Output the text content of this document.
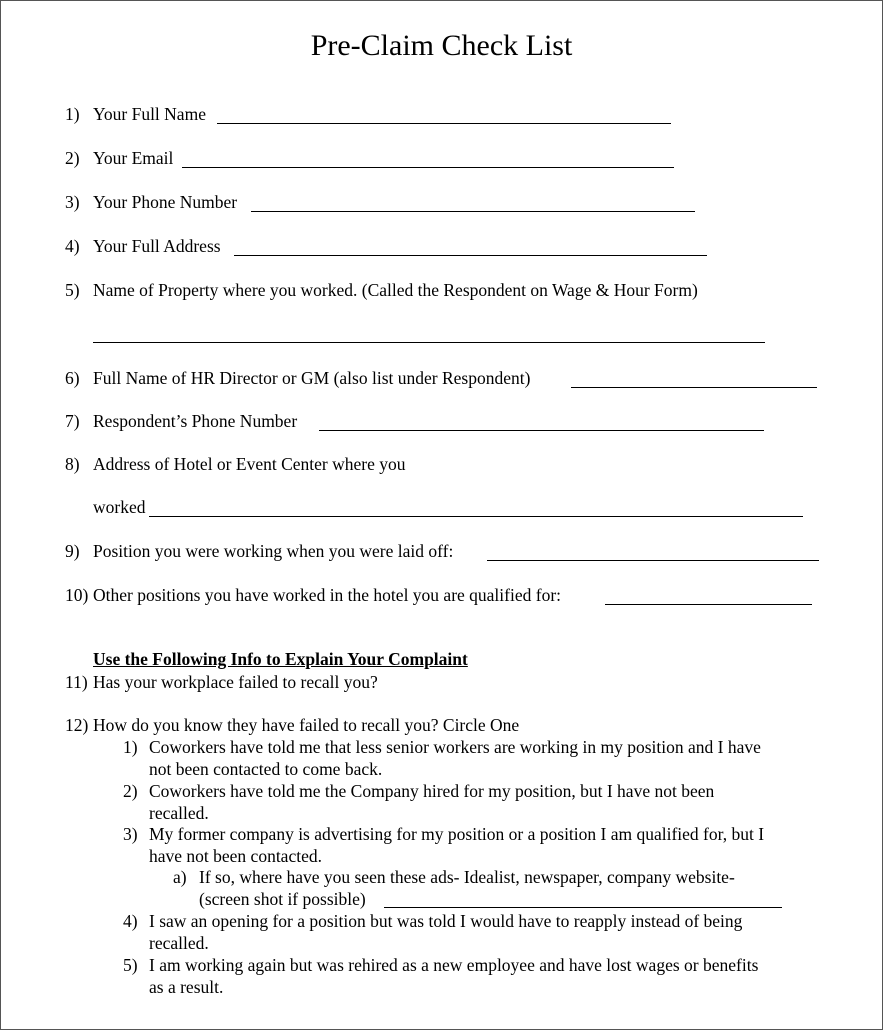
Pre-Claim Check List
1) Your Full Name
2) Your Email
3) Your Phone Number
4) Your Full Address
5) Name of Property where you worked. (Called the Respondent on Wage & Hour Form)
6) Full Name of HR Director or GM (also list under Respondent)
7) Respondent’s Phone Number
8) Address of Hotel or Event Center where you
worked
9) Position you were working when you were laid off:
10) Other positions you have worked in the hotel you are qualified for:
Use the Following Info to Explain Your Complaint
11) Has your workplace failed to recall you?
12) How do you know they have failed to recall you? Circle One
1) Coworkers have told me that less senior workers are working in my position and I have
not been contacted to come back.
2) Coworkers have told me the Company hired for my position, but I have not been
recalled.
3) My former company is advertising for my position or a position I am qualified for, but I
have not been contacted.
a) If so, where have you seen these ads- Idealist, newspaper, company website-
(screen shot if possible)
4) I saw an opening for a position but was told I would have to reapply instead of being
recalled.
5) I am working again but was rehired as a new employee and have lost wages or benefits
as a result.
